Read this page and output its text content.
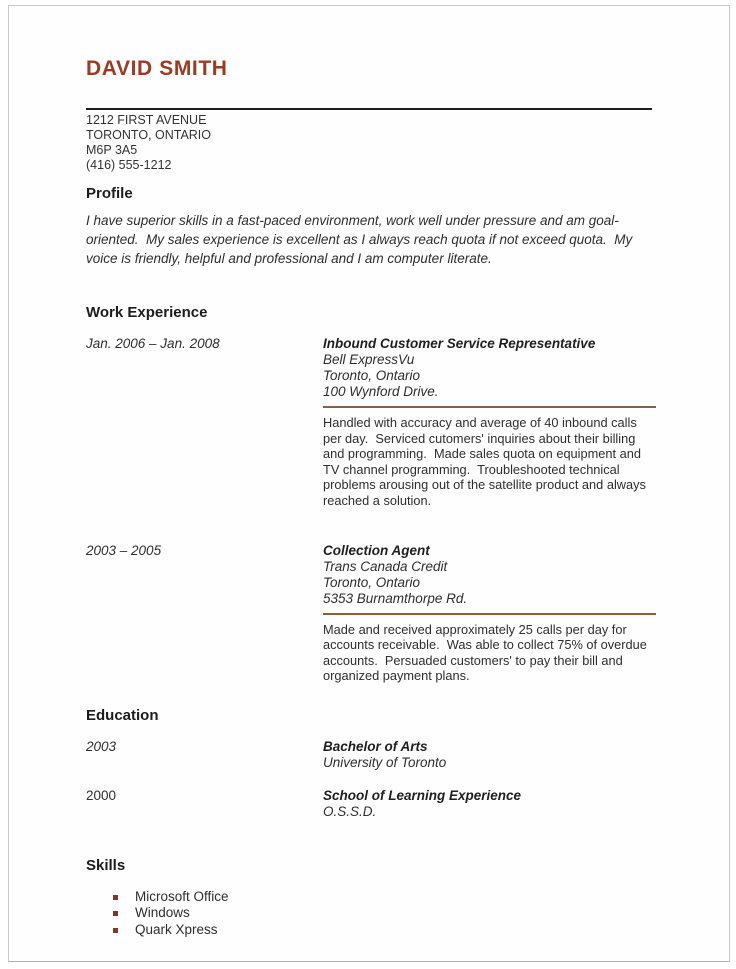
DAVID SMITH
1212 FIRST AVENUE
TORONTO, ONTARIO
M6P 3A5
(416) 555-1212
Profile

I have superior skills in a fast-paced environment, work well under pressure and am goal-oriented.  My sales experience is excellent as I always reach quota if not exceed quota.  My voice is friendly, helpful and professional and I am computer literate.

Work Experience
Jan. 2006 – Jan. 2008	Inbound Customer Service Representative
Bell ExpressVu
Toronto, Ontario
100 Wynford Drive.

Handled with accuracy and average of 40 inbound calls per day.  Serviced cutomers' inquiries about their billing and programming.  Made sales quota on equipment and TV channel programming.  Troubleshooted technical problems arousing out of the satellite product and always reached a solution.

2003 – 2005	Collection Agent
Trans Canada Credit
Toronto, Ontario
5353 Burnamthorpe Rd.

Made and received approximately 25 calls per day for accounts receivable.  Was able to collect 75% of overdue accounts.  Persuaded customers' to pay their bill and organized payment plans.

Education
2003	Bachelor of Arts
University of Toronto
2000	School of Learning Experience
O.S.S.D.
Skills
Microsoft Office
Windows
Quark Xpress
